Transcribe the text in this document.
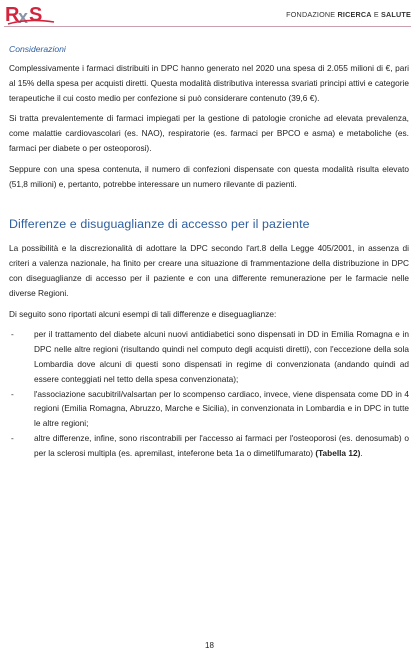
R
x S	FONDAZIONE RICERCA E SALUTE
Considerazioni

Complessivamente i farmaci distribuiti in DPC hanno generato nel 2020 una spesa di 2.055 milioni di €, pari al 15% della spesa per acquisti diretti. Questa modalità distributiva interessa svariati principi attivi e categorie terapeutiche il cui costo medio per confezione si può considerare contenuto (39,6 €).

Si tratta prevalentemente di farmaci impiegati per la gestione di patologie croniche ad elevata prevalenza, come malattie cardiovascolari (es. NAO), respiratorie (es. farmaci per BPCO e asma) e metaboliche (es. farmaci per diabete o per osteoporosi).

Seppure con una spesa contenuta, il numero di confezioni dispensate con questa modalità risulta elevato (51,8 milioni) e, pertanto, potrebbe interessare un numero rilevante di pazienti.

Differenze e disuguaglianze di accesso per il paziente

La possibilità e la discrezionalità di adottare la DPC secondo l'art.8 della Legge 405/2001, in assenza di criteri a valenza nazionale, ha finito per creare una situazione di frammentazione della distribuzione in DPC con diseguaglianze di accesso per il paziente e con una differente remunerazione per le farmacie nelle diverse Regioni.

Di seguito sono riportati alcuni esempi di tali differenze e diseguaglianze:

- per il trattamento del diabete alcuni nuovi antidiabetici sono dispensati in DD in Emilia Romagna e in DPC nelle altre regioni (risultando quindi nel computo degli acquisti diretti), con l'eccezione della sola Lombardia dove alcuni di questi sono dispensati in regime di convenzionata (andando quindi ad essere conteggiati nel tetto della spesa convenzionata);
- l'associazione sacubitril/valsartan per lo scompenso cardiaco, invece, viene dispensata come DD in 4 regioni (Emilia Romagna, Abruzzo, Marche e Sicilia), in convenzionata in Lombardia e in DPC in tutte le altre regioni;
- altre differenze, infine, sono riscontrabili per l'accesso ai farmaci per l'osteoporosi (es. denosumab) o per la sclerosi multipla (es. apremilast, inteferone beta 1a o dimetilfumarato) (Tabella 12).
18
